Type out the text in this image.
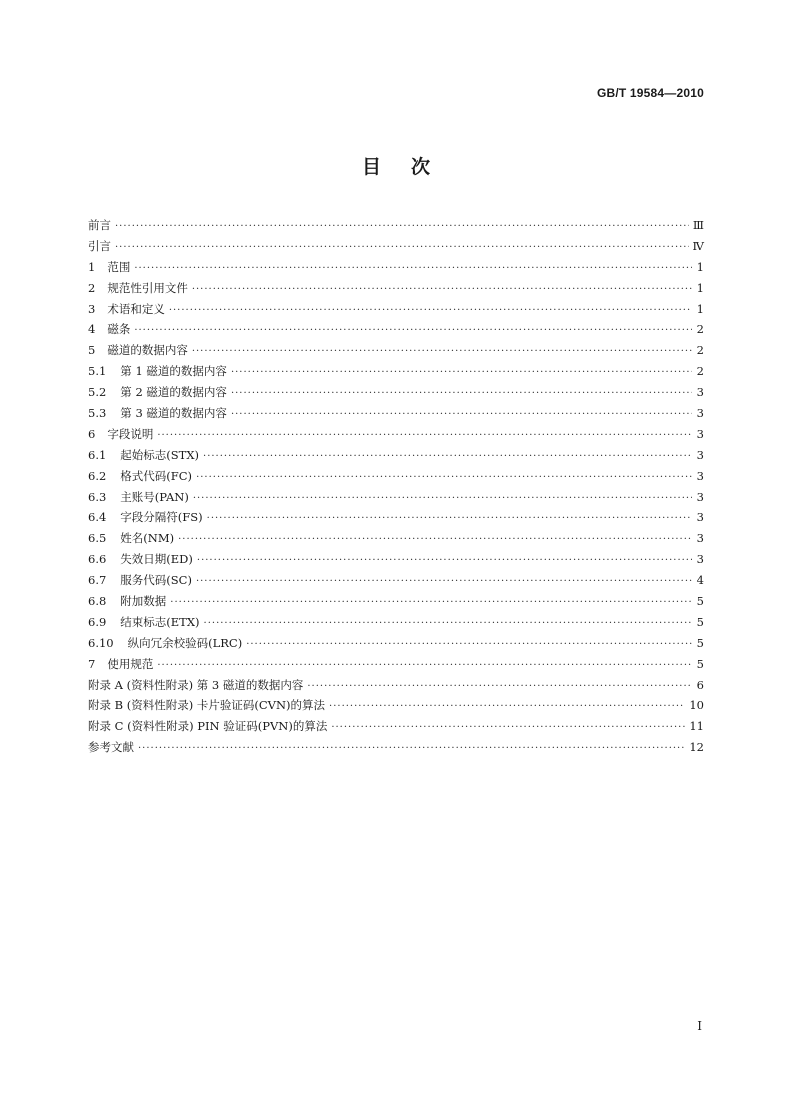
GB/T 19584—2010
目次
前言 ·····	Ⅲ
引言 ·····	Ⅳ
1 范围 ·····	1
2 规范性引用文件 ·····	1
3 术语和定义 ·····	1
4 磁条 ·····	2
5 磁道的数据内容 ·····	2
5.1 第 1 磁道的数据内容 ·····	2
5.2 第 2 磁道的数据内容 ·····	3
5.3 第 3 磁道的数据内容 ·····	3
6 字段说明 ·····	3
6.1 起始标志(STX) ·····	3
6.2 格式代码(FC) ·····	3
6.3 主账号(PAN) ·····	3
6.4 字段分隔符(FS) ·····	3
6.5 姓名(NM) ·····	3
6.6 失效日期(ED) ·····	3
6.7 服务代码(SC) ·····	4
6.8 附加数据 ·····	5
6.9 结束标志(ETX) ·····	5
6.10 纵向冗余校验码(LRC) ·····	5
7 使用规范 ·····	5
附录 A (资料性附录) 第 3 磁道的数据内容 ·····	6
附录 B (资料性附录) 卡片验证码(CVN)的算法 ·····	10
附录 C (资料性附录) PIN 验证码(PVN)的算法 ·····	11
参考文献 ·····	12
I
